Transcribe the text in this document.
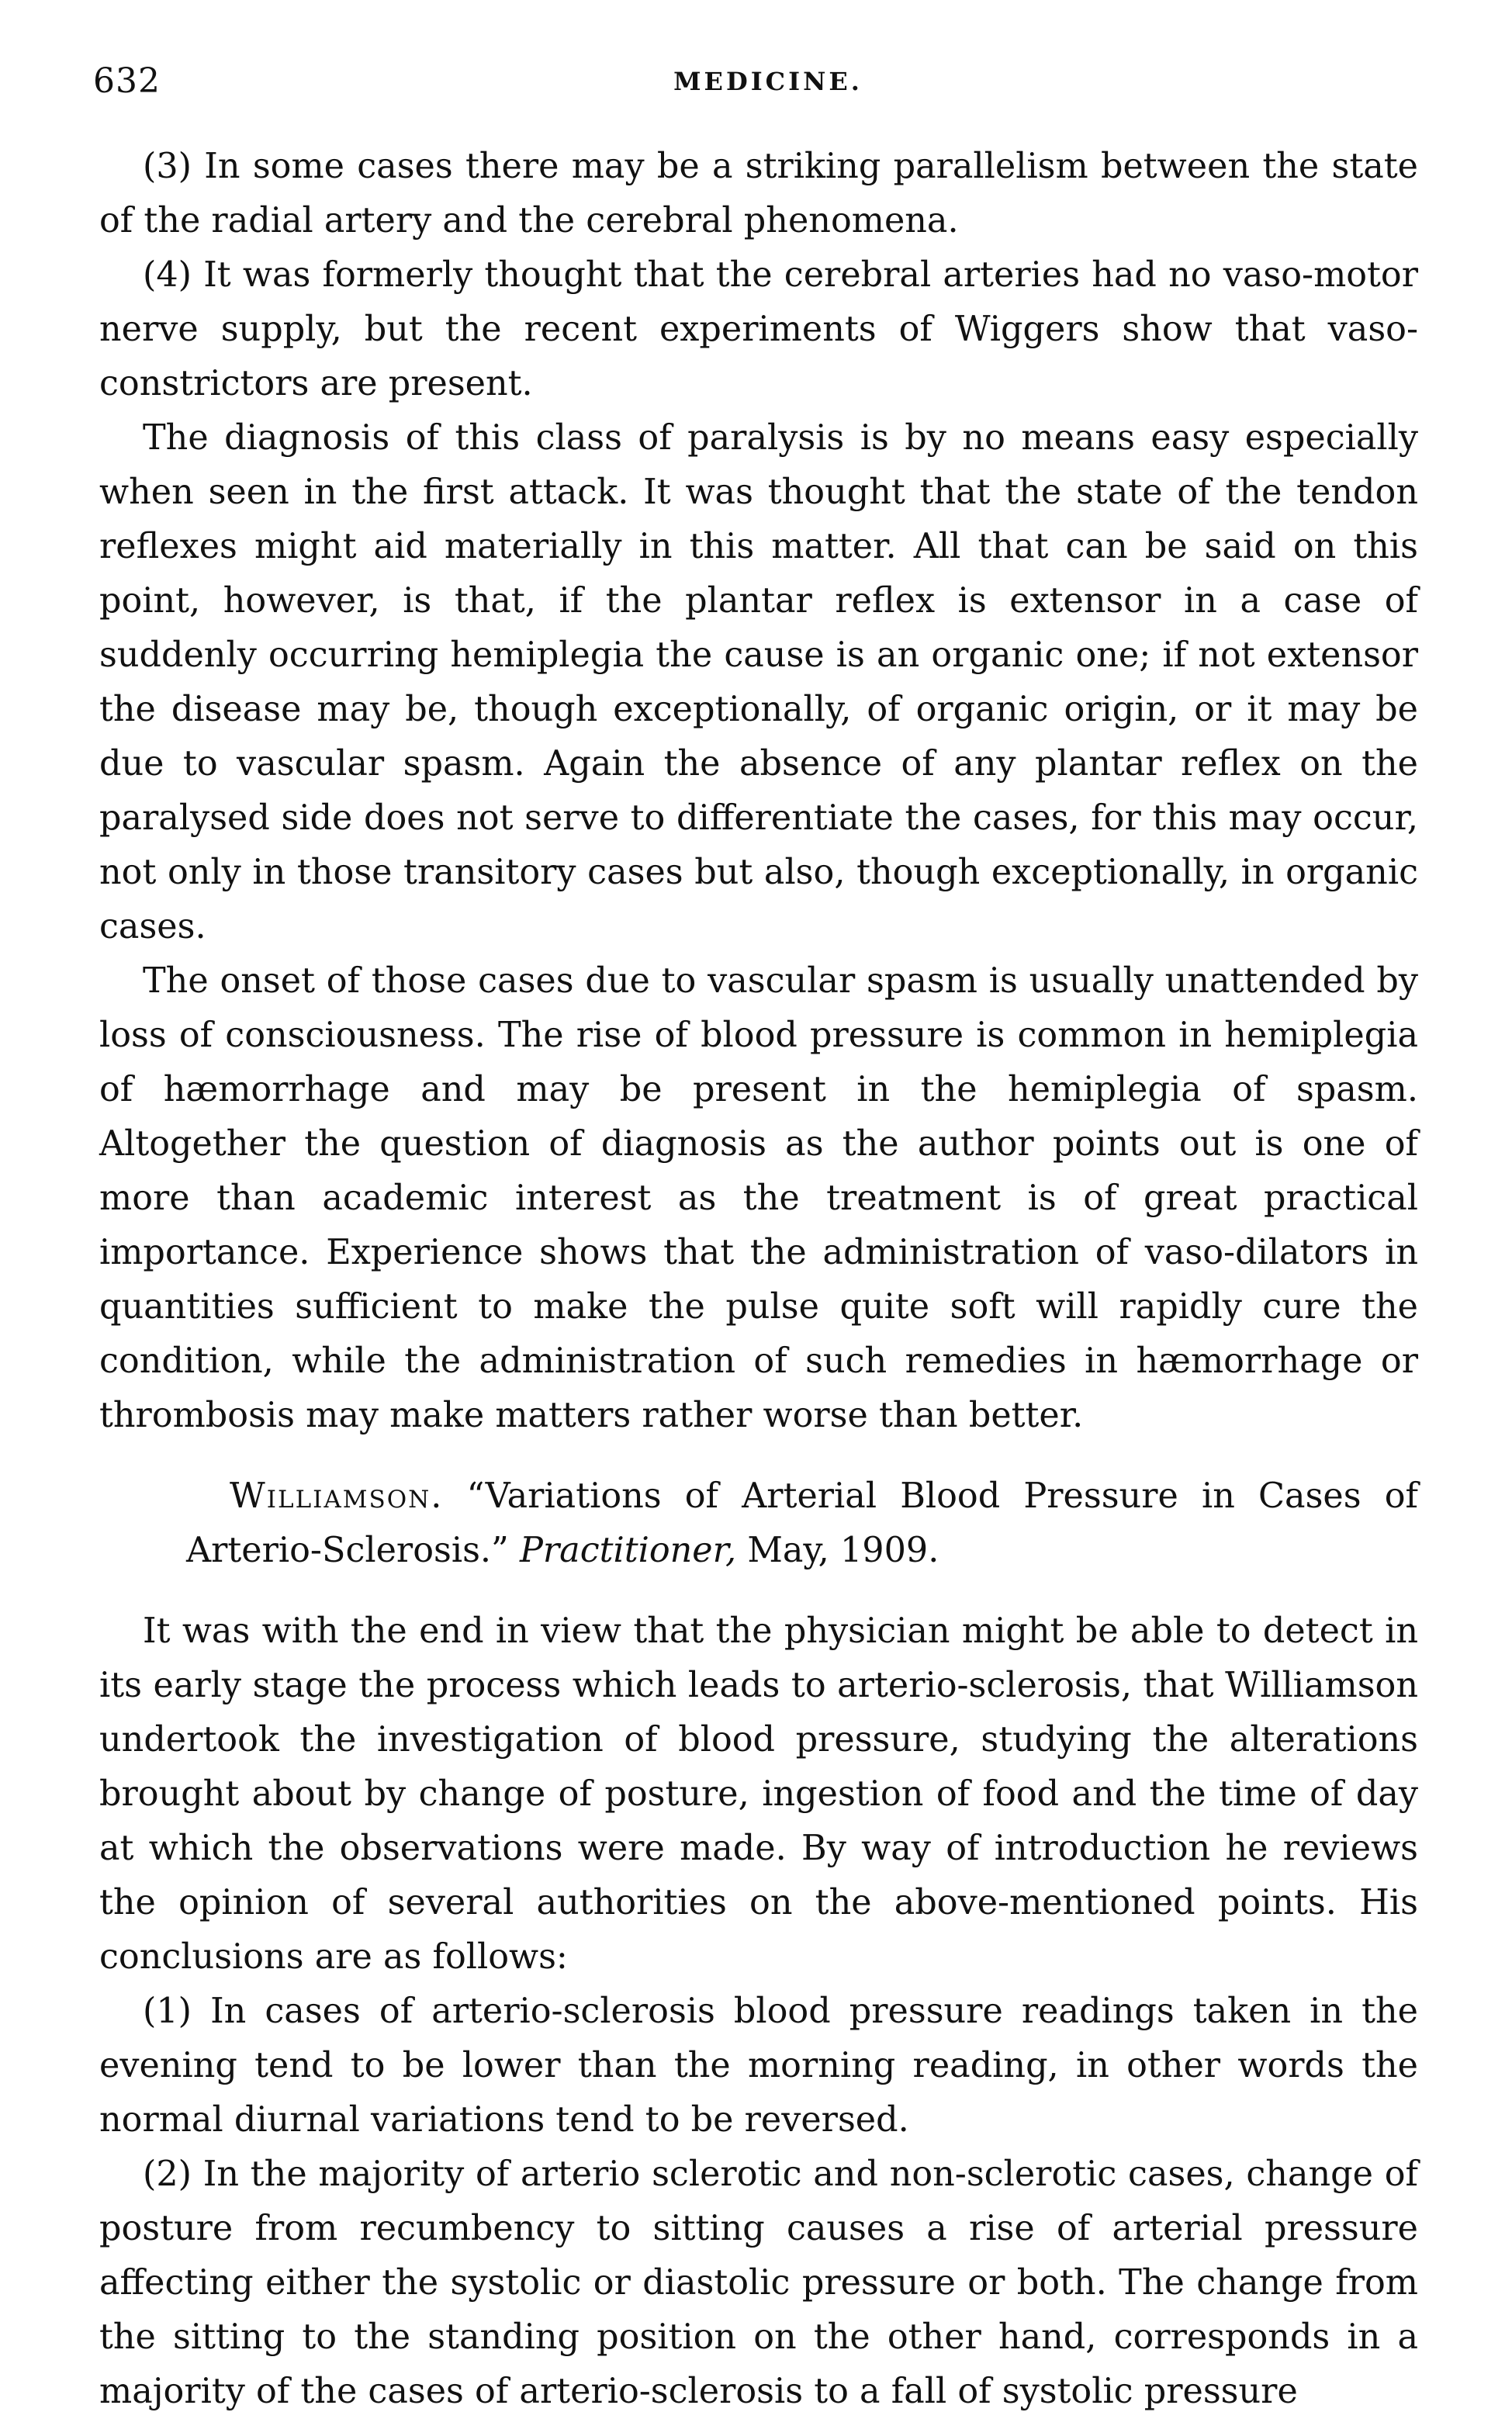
632	MEDICINE.

(3) In some cases there may be a striking parallelism between the state of the radial artery and the cerebral phenomena.

(4) It was formerly thought that the cerebral arteries had no vaso-motor nerve supply, but the recent experiments of Wiggers show that vaso-constrictors are present.

The diagnosis of this class of paralysis is by no means easy especially when seen in the first attack. It was thought that the state of the tendon reflexes might aid materially in this matter. All that can be said on this point, however, is that, if the plantar reflex is extensor in a case of suddenly occurring hemiplegia the cause is an organic one; if not extensor the disease may be, though exceptionally, of organic origin, or it may be due to vascular spasm. Again the absence of any plantar reflex on the paralysed side does not serve to differentiate the cases, for this may occur, not only in those transitory cases but also, though exceptionally, in organic cases.

The onset of those cases due to vascular spasm is usually unattended by loss of consciousness. The rise of blood pressure is common in hemiplegia of hæmorrhage and may be present in the hemiplegia of spasm. Altogether the question of diagnosis as the author points out is one of more than academic interest as the treatment is of great practical importance. Experience shows that the administration of vaso-dilators in quantities sufficient to make the pulse quite soft will rapidly cure the condition, while the administration of such remedies in hæmorrhage or thrombosis may make matters rather worse than better.

Williamson. “Variations of Arterial Blood Pressure in Cases of Arterio-Sclerosis.” Practitioner, May, 1909.

It was with the end in view that the physician might be able to detect in its early stage the process which leads to arterio-sclerosis, that Williamson undertook the investigation of blood pressure, studying the alterations brought about by change of posture, ingestion of food and the time of day at which the observations were made. By way of introduction he reviews the opinion of several authorities on the above-mentioned points. His conclusions are as follows:

(1) In cases of arterio-sclerosis blood pressure readings taken in the evening tend to be lower than the morning reading, in other words the normal diurnal variations tend to be reversed.

(2) In the majority of arterio sclerotic and non-sclerotic cases, change of posture from recumbency to sitting causes a rise of arterial pressure affecting either the systolic or diastolic pressure or both. The change from the sitting to the standing position on the other hand, corresponds in a majority of the cases of arterio-sclerosis to a fall of systolic pressure
